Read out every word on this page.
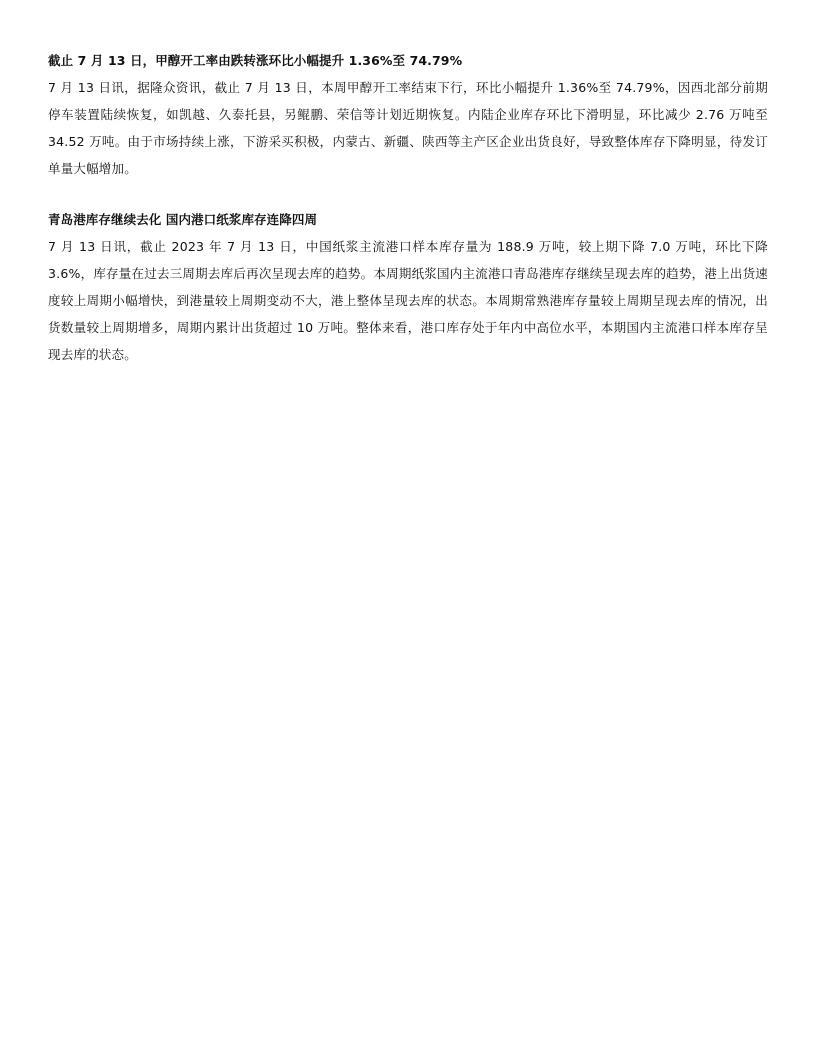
截止 7 月 13 日，甲醇开工率由跌转涨环比小幅提升 1.36%至 74.79%

7 月 13 日讯，据隆众资讯，截止 7 月 13 日，本周甲醇开工率结束下行，环比小幅提升 1.36%至 74.79%，因西北部分前期停车装置陆续恢复，如凯越、久泰托县，另鲲鹏、荣信等计划近期恢复。内陆企业库存环比下滑明显，环比减少 2.76 万吨至 34.52 万吨。由于市场持续上涨，下游采买积极，内蒙古、新疆、陕西等主产区企业出货良好，导致整体库存下降明显，待发订单量大幅增加。

青岛港库存继续去化 国内港口纸浆库存连降四周

7 月 13 日讯，截止 2023 年 7 月 13 日，中国纸浆主流港口样本库存量为 188.9 万吨，较上期下降 7.0 万吨，环比下降 3.6%，库存量在过去三周期去库后再次呈现去库的趋势。本周期纸浆国内主流港口青岛港库存继续呈现去库的趋势，港上出货速度较上周期小幅增快，到港量较上周期变动不大，港上整体呈现去库的状态。本周期常熟港库存量较上周期呈现去库的情况，出货数量较上周期增多，周期内累计出货超过 10 万吨。整体来看，港口库存处于年内中高位水平，本期国内主流港口样本库存呈现去库的状态。
